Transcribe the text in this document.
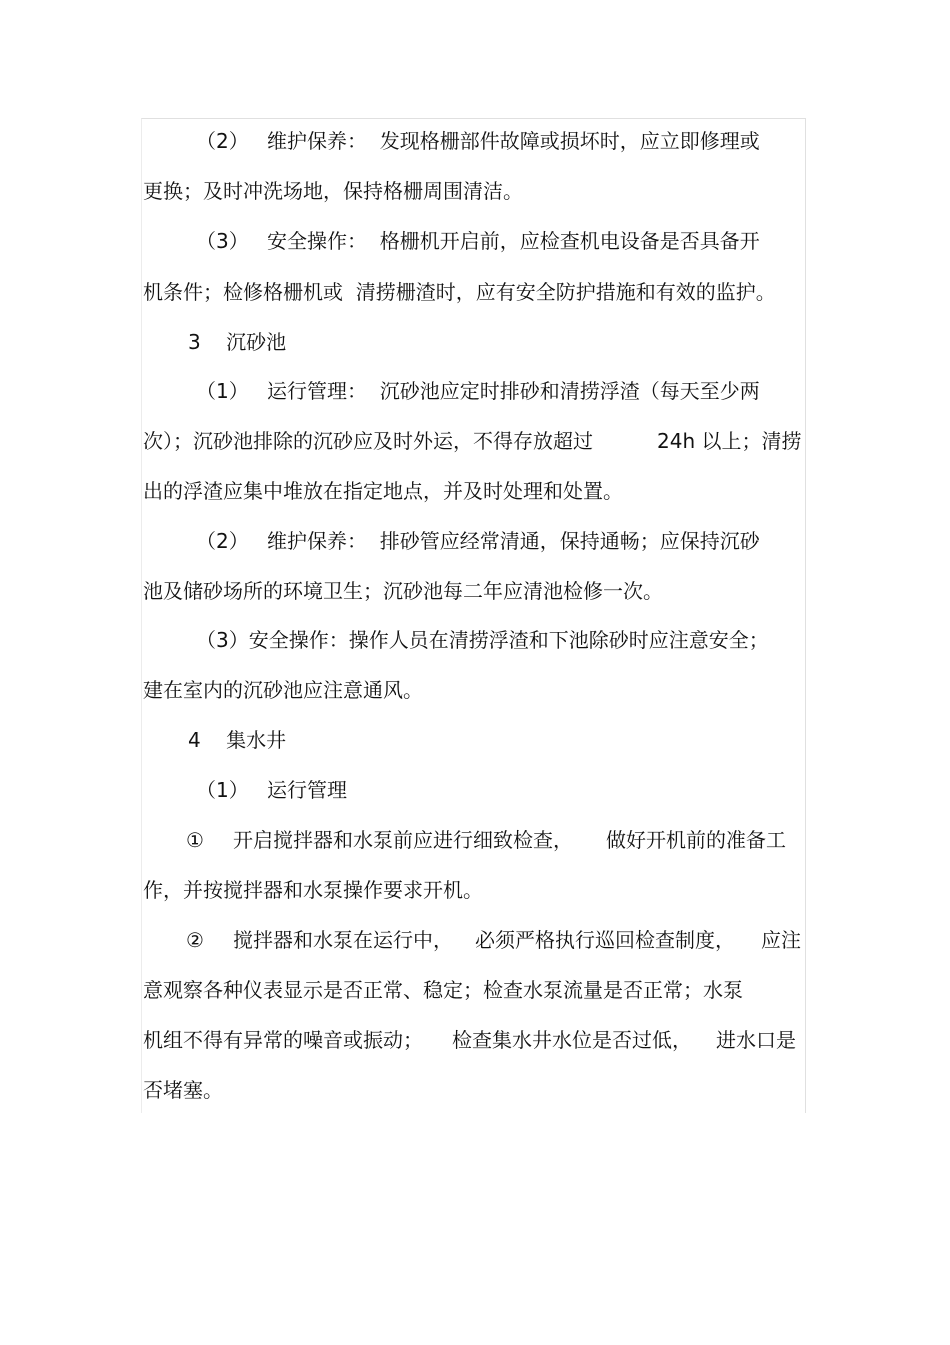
（2）

维护保养：  发现格栅部件故障或损坏时，应立即修理或

更换；及时冲洗场地，保持格栅周围清洁。

（3）

安全操作：  格栅机开启前，应检查机电设备是否具备开

机条件；检修格栅机或  清捞栅渣时，应有安全防护措施和有效的监护。
3    沉砂池

（1）

运行管理：  沉砂池应定时排砂和清捞浮渣（每天至少两

次）；沉砂池排除的沉砂应及时外运，不得存放超过

	24h 以上；清捞

出的浮渣应集中堆放在指定地点，并及时处理和处置。

（2）

维护保养：  排砂管应经常清通，保持通畅；应保持沉砂

池及储砂场所的环境卫生；沉砂池每二年应清池检修一次。
（3）安全操作：操作人员在清捞浮渣和下池除砂时应注意安全；
建在室内的沉砂池应注意通风。
4    集水井

（1）

运行管理

①

开启搅拌器和水泵前应进行细致检查，

做好开机前的准备工

作，并按搅拌器和水泵操作要求开机。

②

搅拌器和水泵在运行中，

必须严格执行巡回检查制度，

应注

意观察各种仪表显示是否正常、稳定；检查水泵流量是否正常；水泵

机组不得有异常的噪音或振动；

检查集水井水位是否过低，

进水口是

否堵塞。
